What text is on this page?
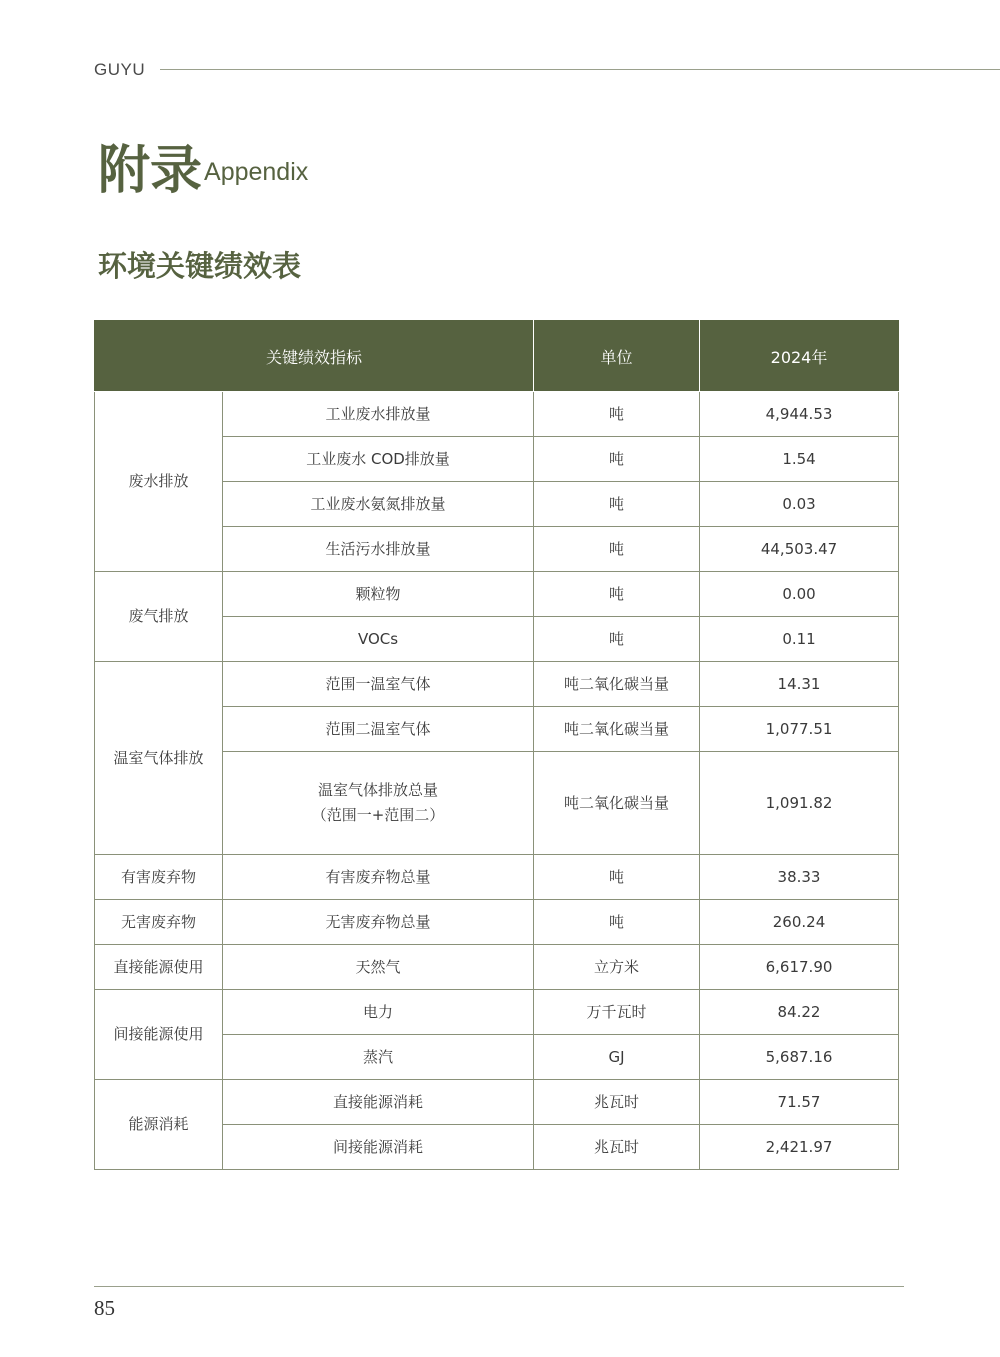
GUYU
附录Appendix
环境关键绩效表
关键绩效指标		单位	2024年
废水排放	工业废水排放量	吨	4,944.53

	工业废水 COD排放量	吨	1.54

	工业废水氨氮排放量	吨	0.03

	生活污水排放量	吨	44,503.47
废气排放	颗粒物	吨	0.00

	VOCs	吨	0.11
温室气体排放	范围一温室气体	吨二氧化碳当量	14.31

	范围二温室气体	吨二氧化碳当量	1,077.51

	温室气体排放总量
（范围一+范围二）	吨二氧化碳当量	1,091.82
有害废弃物	有害废弃物总量	吨	38.33
无害废弃物	无害废弃物总量	吨	260.24
直接能源使用	天然气	立方米	6,617.90
间接能源使用	电力	万千瓦时	84.22

	蒸汽	GJ	5,687.16
能源消耗	直接能源消耗	兆瓦时	71.57

	间接能源消耗	兆瓦时	2,421.97
85
